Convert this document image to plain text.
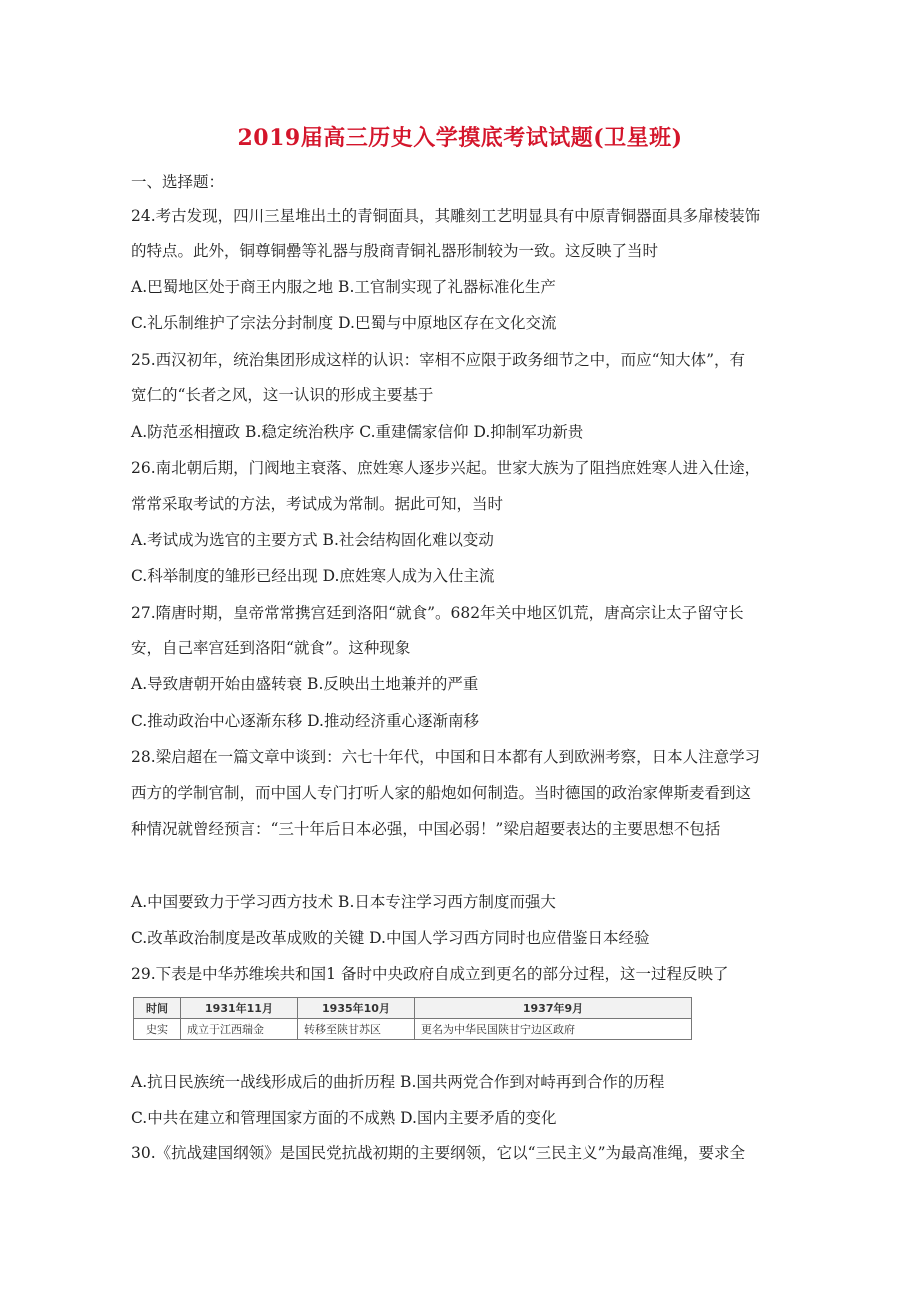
2019届高三历史入学摸底考试试题(卫星班)
一、选择题：
24.考古发现，四川三星堆出土的青铜面具，其雕刻工艺明显具有中原青铜器面具多扉棱装饰
的特点。此外，铜尊铜罍等礼器与殷商青铜礼器形制较为一致。这反映了当时
A.巴蜀地区处于商王内服之地 B.工官制实现了礼器标准化生产
C.礼乐制维护了宗法分封制度 D.巴蜀与中原地区存在文化交流
25.西汉初年，统治集团形成这样的认识：宰相不应限于政务细节之中，而应“知大体”，有
宽仁的“长者之风，这一认识的形成主要基于
A.防范丞相擅政 B.稳定统治秩序 C.重建儒家信仰 D.抑制军功新贵
26.南北朝后期，门阀地主衰落、庶姓寒人逐步兴起。世家大族为了阻挡庶姓寒人进入仕途，
常常采取考试的方法，考试成为常制。据此可知，当时
A.考试成为选官的主要方式 B.社会结构固化难以变动
C.科举制度的雏形已经出现 D.庶姓寒人成为入仕主流
27.隋唐时期，皇帝常常携宫廷到洛阳“就食”。682年关中地区饥荒，唐高宗让太子留守长
安，自己率宫廷到洛阳“就食”。这种现象
A.导致唐朝开始由盛转衰 B.反映出土地兼并的严重
C.推动政治中心逐渐东移 D.推动经济重心逐渐南移
28.梁启超在一篇文章中谈到：六七十年代，中国和日本都有人到欧洲考察，日本人注意学习
西方的学制官制，而中国人专门打听人家的船炮如何制造。当时德国的政治家俾斯麦看到这
种情况就曾经预言：“三十年后日本必强，中国必弱！”梁启超要表达的主要思想不包括
A.中国要致力于学习西方技术 B.日本专注学习西方制度而强大
C.改革政治制度是改革成败的关键 D.中国人学习西方同时也应借鉴日本经验
29.下表是中华苏维埃共和国1 备时中央政府自成立到更名的部分过程，这一过程反映了
时间	1931年11月	1935年10月	1937年9月
史实	成立于江西瑞金	转移至陕甘苏区	更名为中华民国陕甘宁边区政府
A.抗日民族统一战线形成后的曲折历程 B.国共两党合作到对峙再到合作的历程
C.中共在建立和管理国家方面的不成熟 D.国内主要矛盾的变化
30.《抗战建国纲领》是国民党抗战初期的主要纲领，它以“三民主义”为最高准绳，要求全
